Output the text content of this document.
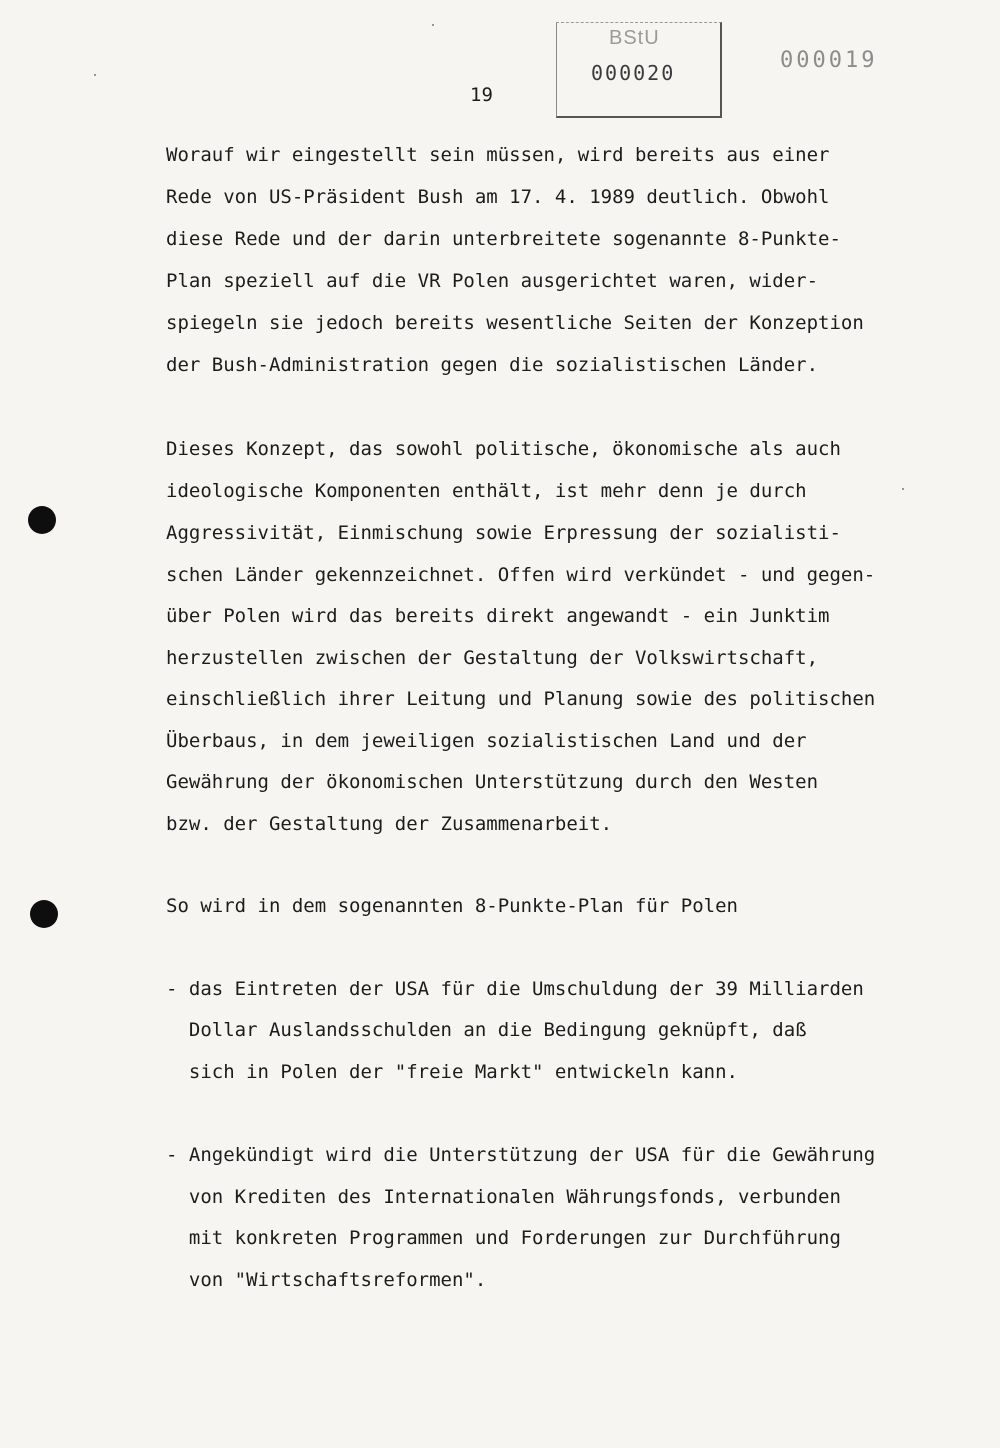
BStU
000020	000019
19
Worauf wir eingestellt sein müssen, wird bereits aus einer
Rede von US-Präsident Bush am 17. 4. 1989 deutlich. Obwohl
diese Rede und der darin unterbreitete sogenannte 8-Punkte-
Plan speziell auf die VR Polen ausgerichtet waren, wider-
spiegeln sie jedoch bereits wesentliche Seiten der Konzeption
der Bush-Administration gegen die sozialistischen Länder.
Dieses Konzept, das sowohl politische, ökonomische als auch
ideologische Komponenten enthält, ist mehr denn je durch
Aggressivität, Einmischung sowie Erpressung der sozialisti-
schen Länder gekennzeichnet. Offen wird verkündet - und gegen-
über Polen wird das bereits direkt angewandt - ein Junktim
herzustellen zwischen der Gestaltung der Volkswirtschaft,
einschließlich ihrer Leitung und Planung sowie des politischen
Überbaus, in dem jeweiligen sozialistischen Land und der
Gewährung der ökonomischen Unterstützung durch den Westen
bzw. der Gestaltung der Zusammenarbeit.
So wird in dem sogenannten 8-Punkte-Plan für Polen
- das Eintreten der USA für die Umschuldung der 39 Milliarden
Dollar Auslandsschulden an die Bedingung geknüpft, daß
sich in Polen der "freie Markt" entwickeln kann.
- Angekündigt wird die Unterstützung der USA für die Gewährung
von Krediten des Internationalen Währungsfonds, verbunden
mit konkreten Programmen und Forderungen zur Durchführung
von "Wirtschaftsreformen".
